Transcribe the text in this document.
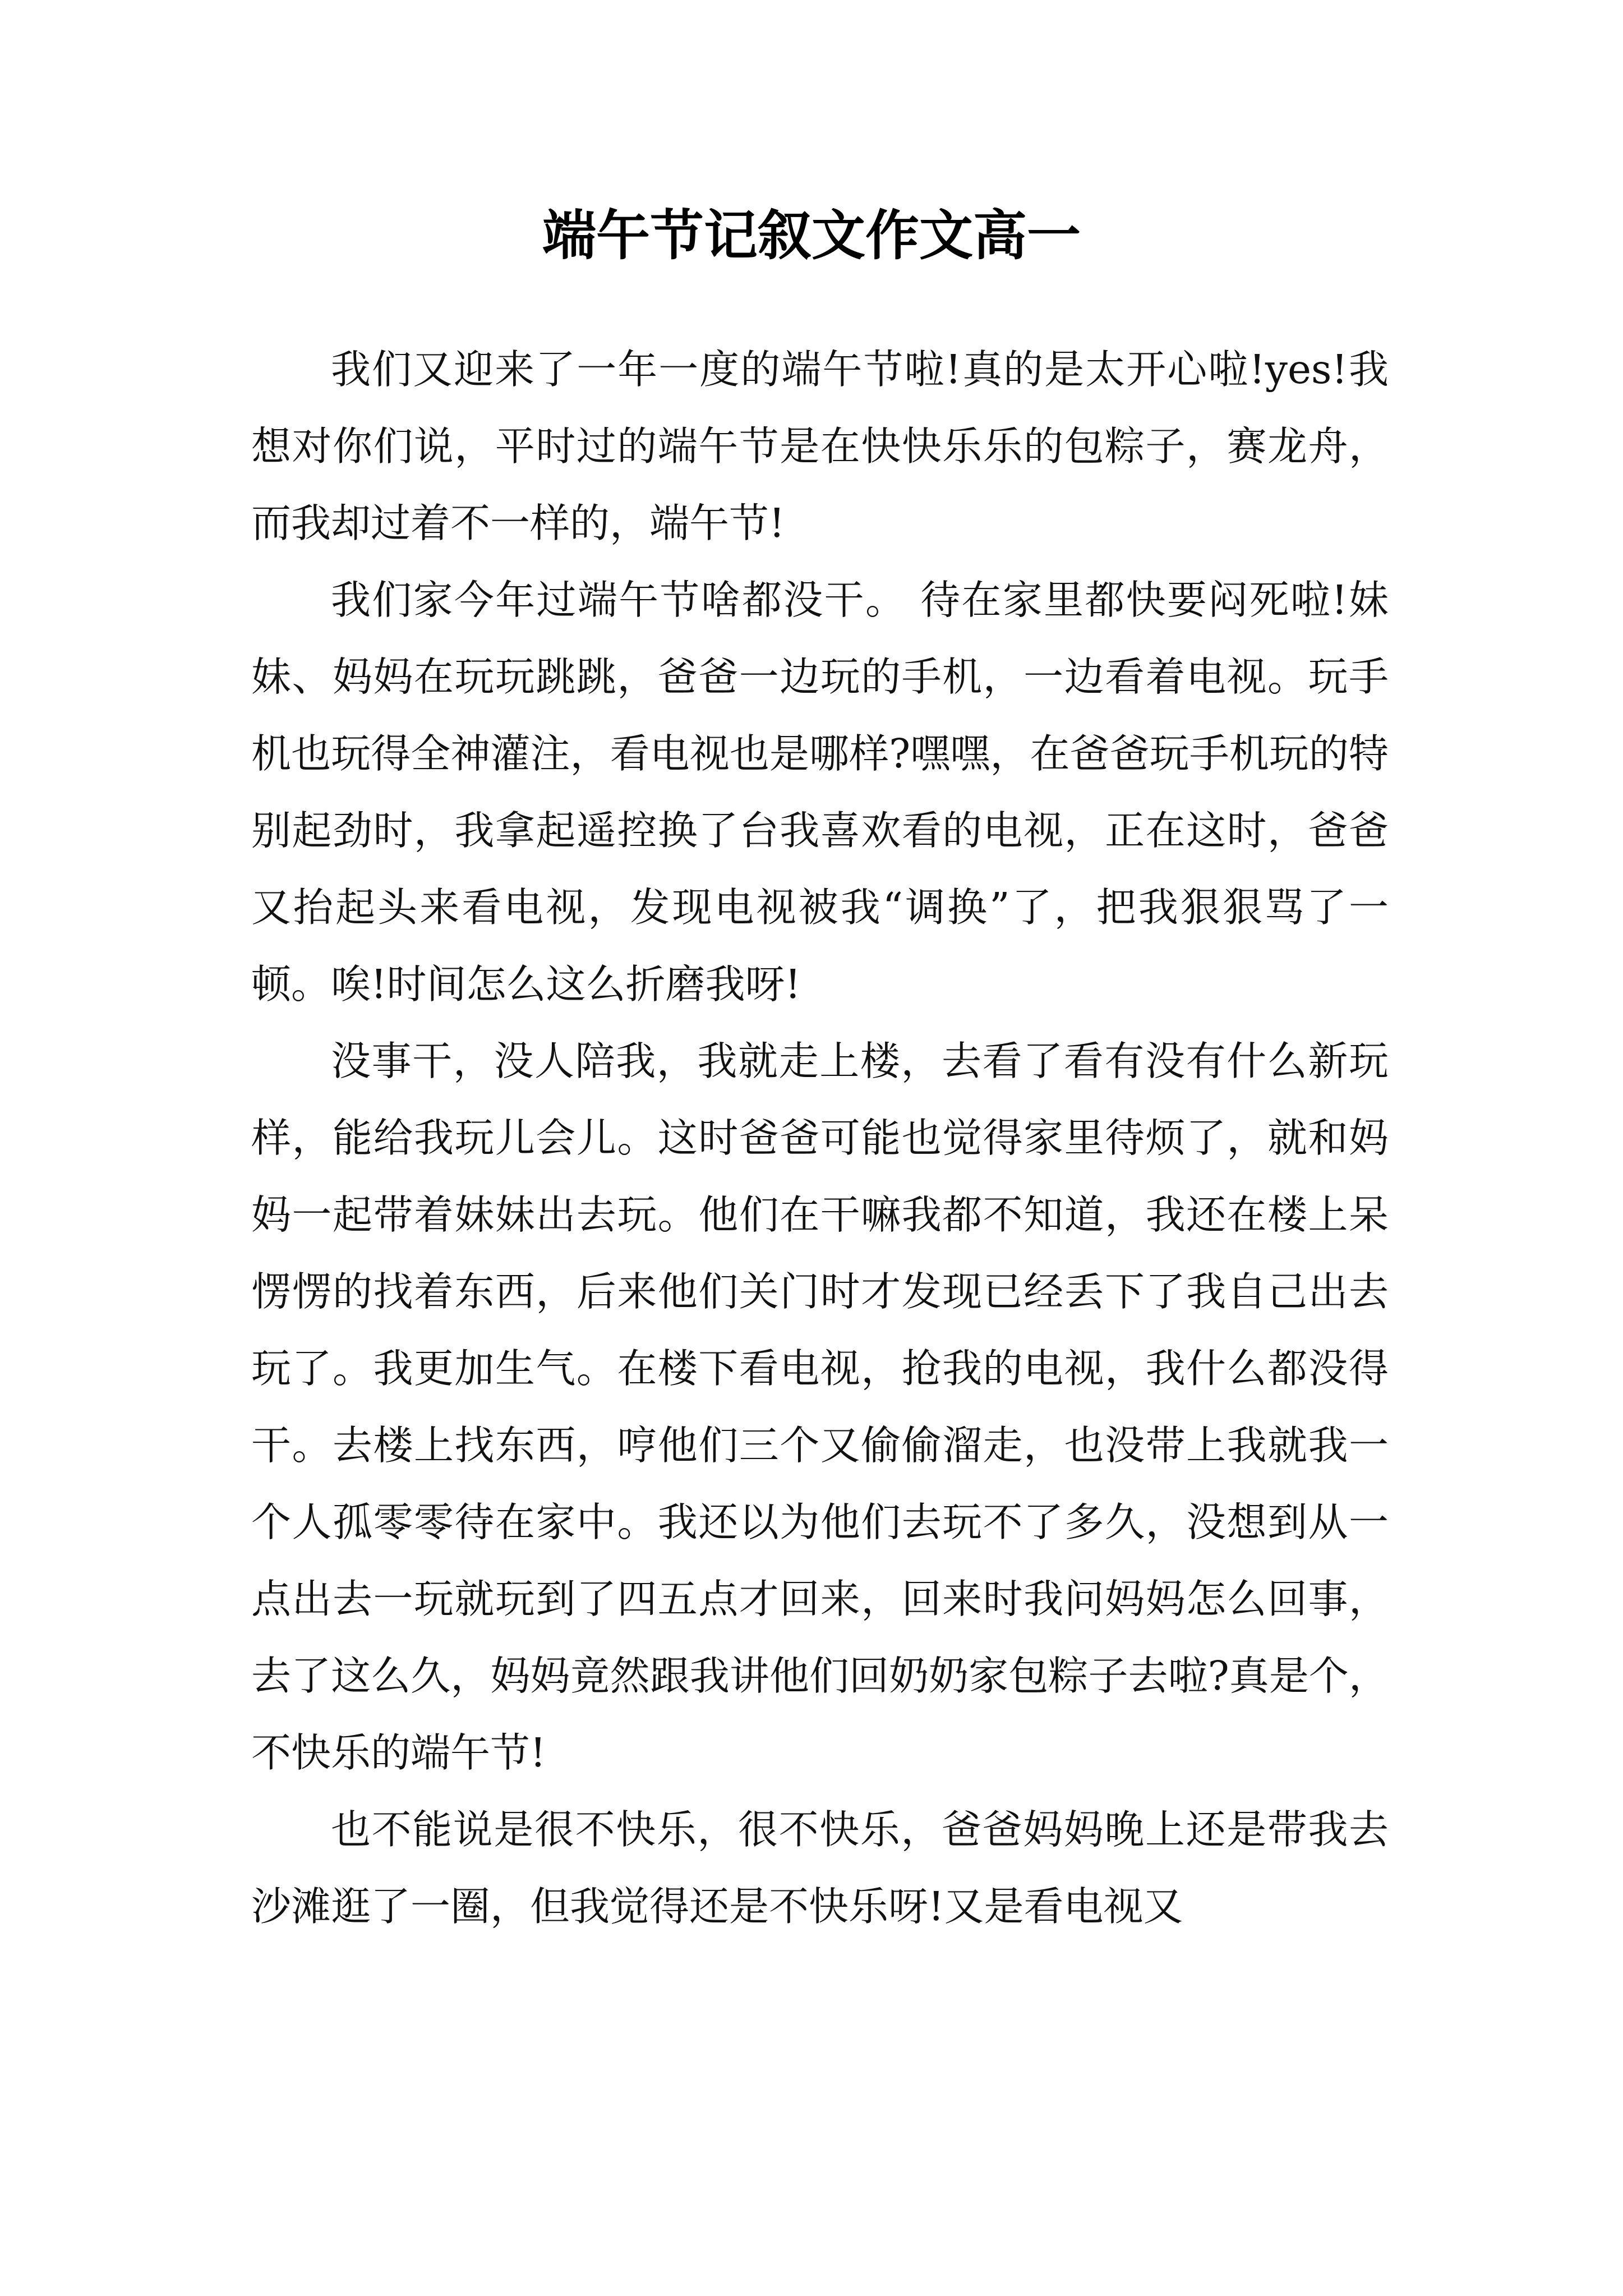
端午节记叙文作文高一

我们又迎来了一年一度的端午节啦!真的是太开心啦!yes!我想对你们说，平时过的端午节是在快快乐乐的包粽子，赛龙舟，而我却过着不一样的，端午节!

我们家今年过端午节啥都没干。 待在家里都快要闷死啦!妹妹、妈妈在玩玩跳跳，爸爸一边玩的手机，一边看着电视。玩手机也玩得全神灌注，看电视也是哪样?嘿嘿，在爸爸玩手机玩的特别起劲时，我拿起遥控换了台我喜欢看的电视，正在这时，爸爸又抬起头来看电视，发现电视被我“调换”了，把我狠狠骂了一顿。唉!时间怎么这么折磨我呀!

没事干，没人陪我，我就走上楼，去看了看有没有什么新玩样，能给我玩儿会儿。这时爸爸可能也觉得家里待烦了，就和妈妈一起带着妹妹出去玩。他们在干嘛我都不知道，我还在楼上呆愣愣的找着东西，后来他们关门时才发现已经丢下了我自己出去玩了。我更加生气。在楼下看电视，抢我的电视，我什么都没得干。去楼上找东西，哼他们三个又偷偷溜走，也没带上我就我一个人孤零零待在家中。我还以为他们去玩不了多久，没想到从一点出去一玩就玩到了四五点才回来，回来时我问妈妈怎么回事，去了这么久，妈妈竟然跟我讲他们回奶奶家包粽子去啦?真是个，不快乐的端午节!

也不能说是很不快乐，很不快乐，爸爸妈妈晚上还是带我去沙滩逛了一圈，但我觉得还是不快乐呀!又是看电视又
